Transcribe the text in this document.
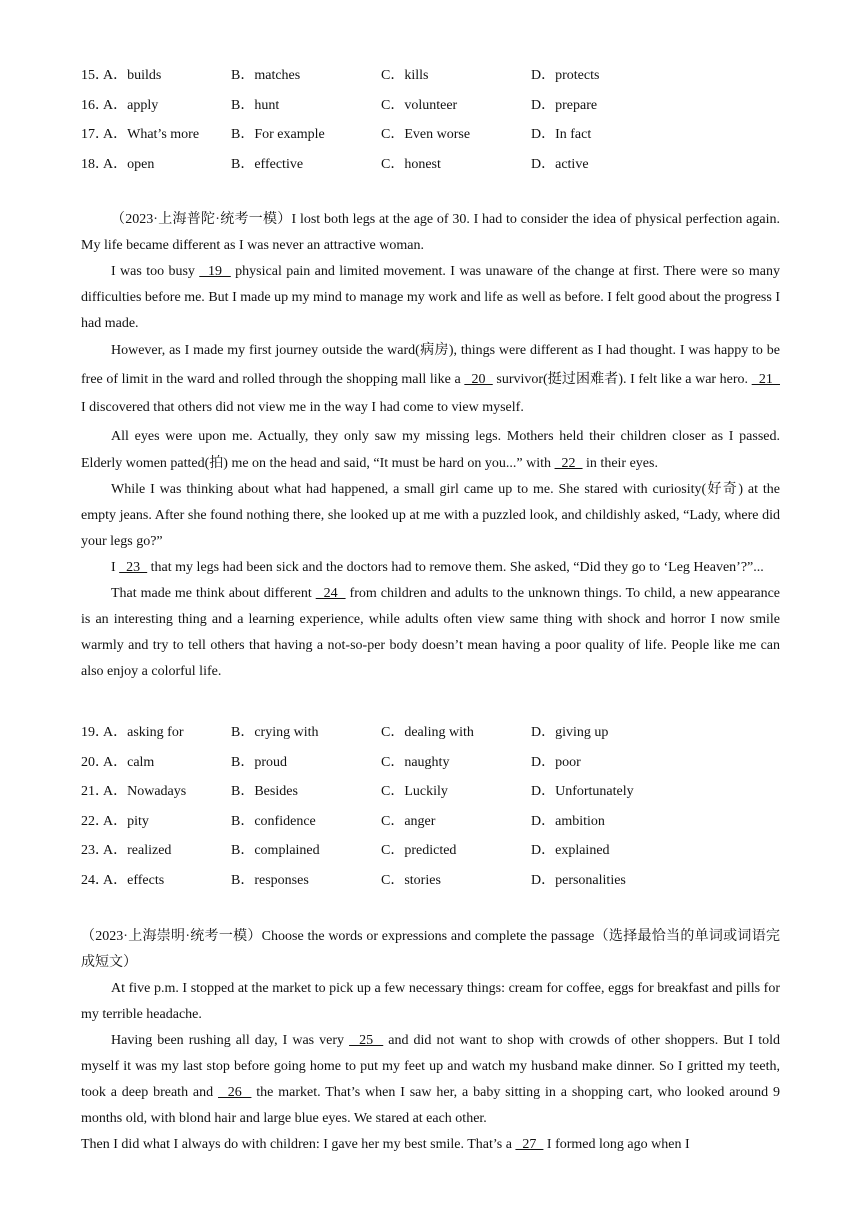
15．
A．builds	B．matches	C．kills	D．protects
16．
A．apply	B．hunt	C．volunteer	D．prepare
17．
A．What’s more B．For example	C．Even worse	D．In fact
18．
A．open	B．effective	C．honest	D．active

（2023·上海普陀·统考一模）I lost both legs at the age of 30. I had to consider the idea of physical perfection again. My life became different as I was never an attractive woman.

I was too busy   19   physical pain and limited movement. I was unaware of the change at first. There were so many difficulties before me. But I made up my mind to manage my work and life as well as before. I felt good about the progress I had made.

However, as I made my first journey outside the ward(病房), things were different as I had thought. I was happy to be free of limit in the ward and rolled through the shopping mall like a   20   survivor(挺过困难者). I felt like a war hero.   21   I discovered that others did not view me in the way I had come to view myself.

All eyes were upon me. Actually, they only saw my missing legs. Mothers held their children closer as I passed. Elderly women patted(拍) me on the head and said, “It must be hard on you...” with   22   in their eyes.

While I was thinking about what had happened, a small girl came up to me. She stared with curiosity(好奇) at the empty jeans. After she found nothing there, she looked up at me with a puzzled look, and childishly asked, “Lady, where did your legs go?”

I   23   that my legs had been sick and the doctors had to remove them. She asked, “Did they go to ‘Leg Heaven’?”...

That made me think about different   24   from children and adults to the unknown things. To child, a new appearance is an interesting thing and a learning experience, while adults often view same thing with shock and horror I now smile warmly and try to tell others that having a not-so-per body doesn’t mean having a poor quality of life. People like me can also enjoy a colorful life.

19．
A．asking for	B．crying with	C．dealing with	D．giving up
20．
A．calm	B．proud	C．naughty	D．poor
21．
A．Nowadays	B．Besides	C．Luckily	D．Unfortunately
22．
A．pity	B．confidence	C．anger	D．ambition
23．
A．realized	B．complained	C．predicted	D．explained
24．
A．effects	B．responses	C．stories	D．personalities

（2023·上海崇明·统考一模）Choose the words or expressions and complete the passage（选择最恰当的单词或词语完成短文）

At five p.m. I stopped at the market to pick up a few necessary things: cream for coffee, eggs for breakfast and pills for my terrible headache.

Having been rushing all day, I was very   25   and did not want to shop with crowds of other shoppers. But I told myself it was my last stop before going home to put my feet up and watch my husband make dinner. So I gritted my teeth, took a deep breath and   26   the market. That’s when I saw her, a baby sitting in a shopping cart, who looked around 9 months old, with blond hair and large blue eyes. We stared at each other.

Then I did what I always do with children: I gave her my best smile. That’s a   27   I formed long ago when I
